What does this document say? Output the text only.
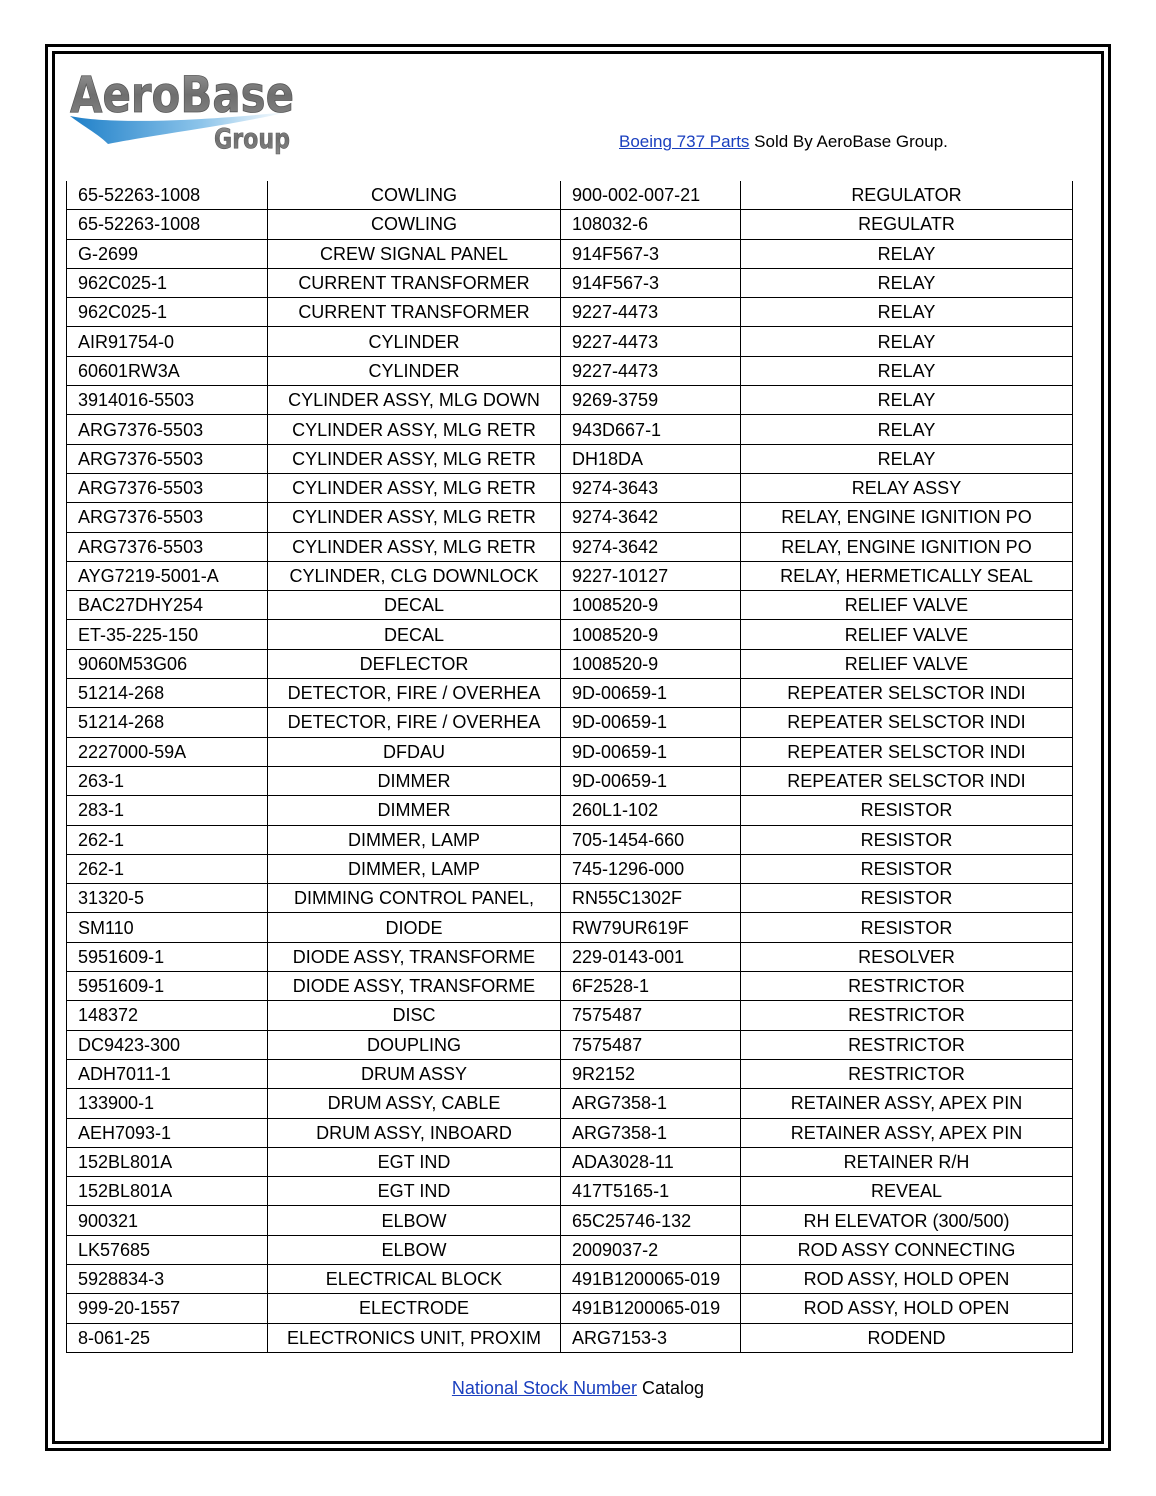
AeroBase
Group	Boeing 737 Parts Sold By AeroBase Group.
65-52263-1008	COWLING	900-002-007-21	REGULATOR
65-52263-1008	COWLING	108032-6	REGULATR
G-2699	CREW SIGNAL PANEL	914F567-3	RELAY
962C025-1	CURRENT TRANSFORMER	914F567-3	RELAY
962C025-1	CURRENT TRANSFORMER	9227-4473	RELAY
AIR91754-0	CYLINDER	9227-4473	RELAY
60601RW3A	CYLINDER	9227-4473	RELAY
3914016-5503	CYLINDER ASSY, MLG DOWN	9269-3759	RELAY
ARG7376-5503	CYLINDER ASSY, MLG RETR	943D667-1	RELAY
ARG7376-5503	CYLINDER ASSY, MLG RETR	DH18DA	RELAY
ARG7376-5503	CYLINDER ASSY, MLG RETR	9274-3643	RELAY ASSY
ARG7376-5503	CYLINDER ASSY, MLG RETR	9274-3642	RELAY, ENGINE IGNITION PO
ARG7376-5503	CYLINDER ASSY, MLG RETR	9274-3642	RELAY, ENGINE IGNITION PO
AYG7219-5001-A	CYLINDER, CLG DOWNLOCK	9227-10127	RELAY, HERMETICALLY SEAL
BAC27DHY254	DECAL	1008520-9	RELIEF VALVE
ET-35-225-150	DECAL	1008520-9	RELIEF VALVE
9060M53G06	DEFLECTOR	1008520-9	RELIEF VALVE
51214-268	DETECTOR, FIRE / OVERHEA	9D-00659-1	REPEATER SELSCTOR INDI
51214-268	DETECTOR, FIRE / OVERHEA	9D-00659-1	REPEATER SELSCTOR INDI
2227000-59A	DFDAU	9D-00659-1	REPEATER SELSCTOR INDI
263-1	DIMMER	9D-00659-1	REPEATER SELSCTOR INDI
283-1	DIMMER	260L1-102	RESISTOR
262-1	DIMMER, LAMP	705-1454-660	RESISTOR
262-1	DIMMER, LAMP	745-1296-000	RESISTOR
31320-5	DIMMING CONTROL PANEL,	RN55C1302F	RESISTOR
SM110	DIODE	RW79UR619F	RESISTOR
5951609-1	DIODE ASSY, TRANSFORME	229-0143-001	RESOLVER
5951609-1	DIODE ASSY, TRANSFORME	6F2528-1	RESTRICTOR
148372	DISC	7575487	RESTRICTOR
DC9423-300	DOUPLING	7575487	RESTRICTOR
ADH7011-1	DRUM ASSY	9R2152	RESTRICTOR
133900-1	DRUM ASSY, CABLE	ARG7358-1	RETAINER ASSY, APEX PIN
AEH7093-1	DRUM ASSY, INBOARD	ARG7358-1	RETAINER ASSY, APEX PIN
152BL801A	EGT IND	ADA3028-11	RETAINER R/H
152BL801A	EGT IND	417T5165-1	REVEAL
900321	ELBOW	65C25746-132	RH ELEVATOR (300/500)
LK57685	ELBOW	2009037-2	ROD ASSY CONNECTING
5928834-3	ELECTRICAL BLOCK	491B1200065-019	ROD ASSY, HOLD OPEN
999-20-1557	ELECTRODE	491B1200065-019	ROD ASSY, HOLD OPEN
8-061-25	ELECTRONICS UNIT, PROXIM	ARG7153-3	RODEND
National Stock Number Catalog
